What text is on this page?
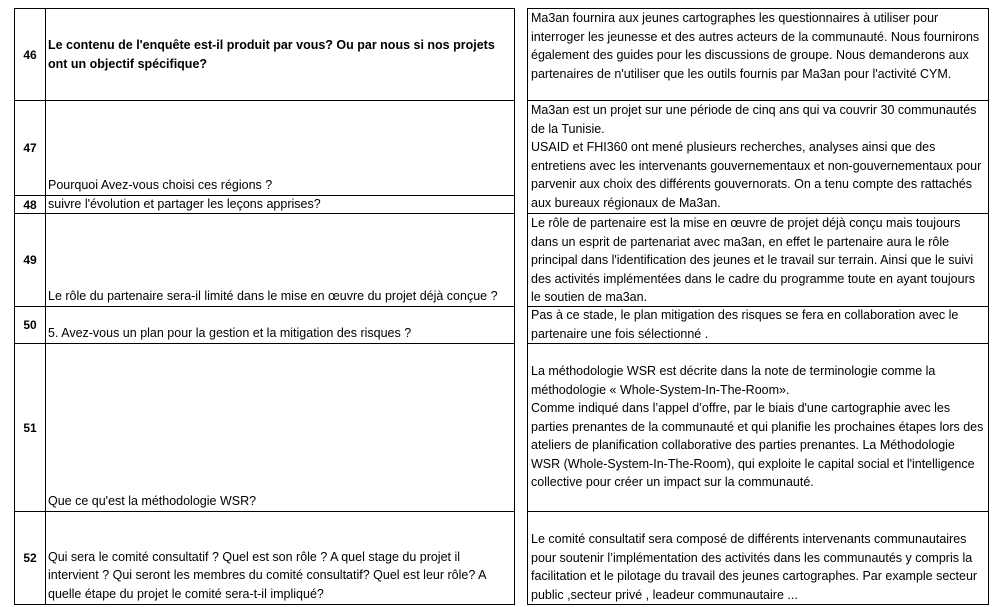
46
Le contenu de l'enquête est-il produit par vous? Ou par nous si nos projets ont un objectif spécifique?
47
Pourquoi Avez-vous choisi ces régions ?
48 suivre l'évolution et partager les leçons apprises?
49
Le rôle du partenaire sera-il limité dans le mise en œuvre du projet déjà conçue ?
50
5. Avez-vous un plan pour la gestion et la mitigation des risques ?
51
Que ce qu'est la méthodologie WSR?
52 Qui sera le comité consultatif ? Quel est son rôle ? A quel stage du projet il intervient ? Qui seront les membres du comité consultatif? Quel est leur rôle? A quelle étape du projet le comité sera-t-il impliqué?
Ma3an fournira aux jeunes cartographes les questionnaires à utiliser pour interroger les jeunesse et des autres acteurs de la communauté. Nous fournirons également des guides pour les discussions de groupe. Nous demanderons aux partenaires de n'utiliser que les outils fournis par Ma3an pour l'activité CYM.
Ma3an est un projet sur une période de cinq ans qui va couvrir 30 communautés de la Tunisie.
USAID et FHI360 ont mené plusieurs recherches, analyses ainsi que des entretiens avec les intervenants gouvernementaux et non-gouvernementaux pour parvenir aux choix des différents gouvernorats. On a tenu compte des rattachés aux bureaux régionaux de Ma3an.
Le rôle de partenaire est la mise en œuvre de projet déjà conçu mais toujours dans un esprit de partenariat avec ma3an, en effet le partenaire aura le rôle principal dans l'identification des jeunes et le travail sur terrain. Ainsi que le suivi des activités implémentées dans le cadre du programme toute en ayant toujours le soutien de ma3an.
Pas à ce stade, le plan mitigation des risques se fera en collaboration avec le partenaire une fois sélectionné .
La méthodologie WSR est décrite dans la note de terminologie comme la méthodologie « Whole-System-In-The-Room».
Comme indiqué dans l’appel d’offre, par le biais d'une cartographie avec les parties prenantes de la communauté et qui planifie les prochaines étapes lors des ateliers de planification collaborative des parties prenantes. La Méthodologie WSR (Whole-System-In-The-Room), qui exploite le capital social et l'intelligence collective pour créer un impact sur la communauté.
Le comité consultatif sera composé de différents intervenants communautaires pour soutenir l’implémentation des activités dans les communautés y compris la facilitation et le pilotage du travail des jeunes cartographes. Par example secteur public ,secteur privé , leadeur communautaire ...
